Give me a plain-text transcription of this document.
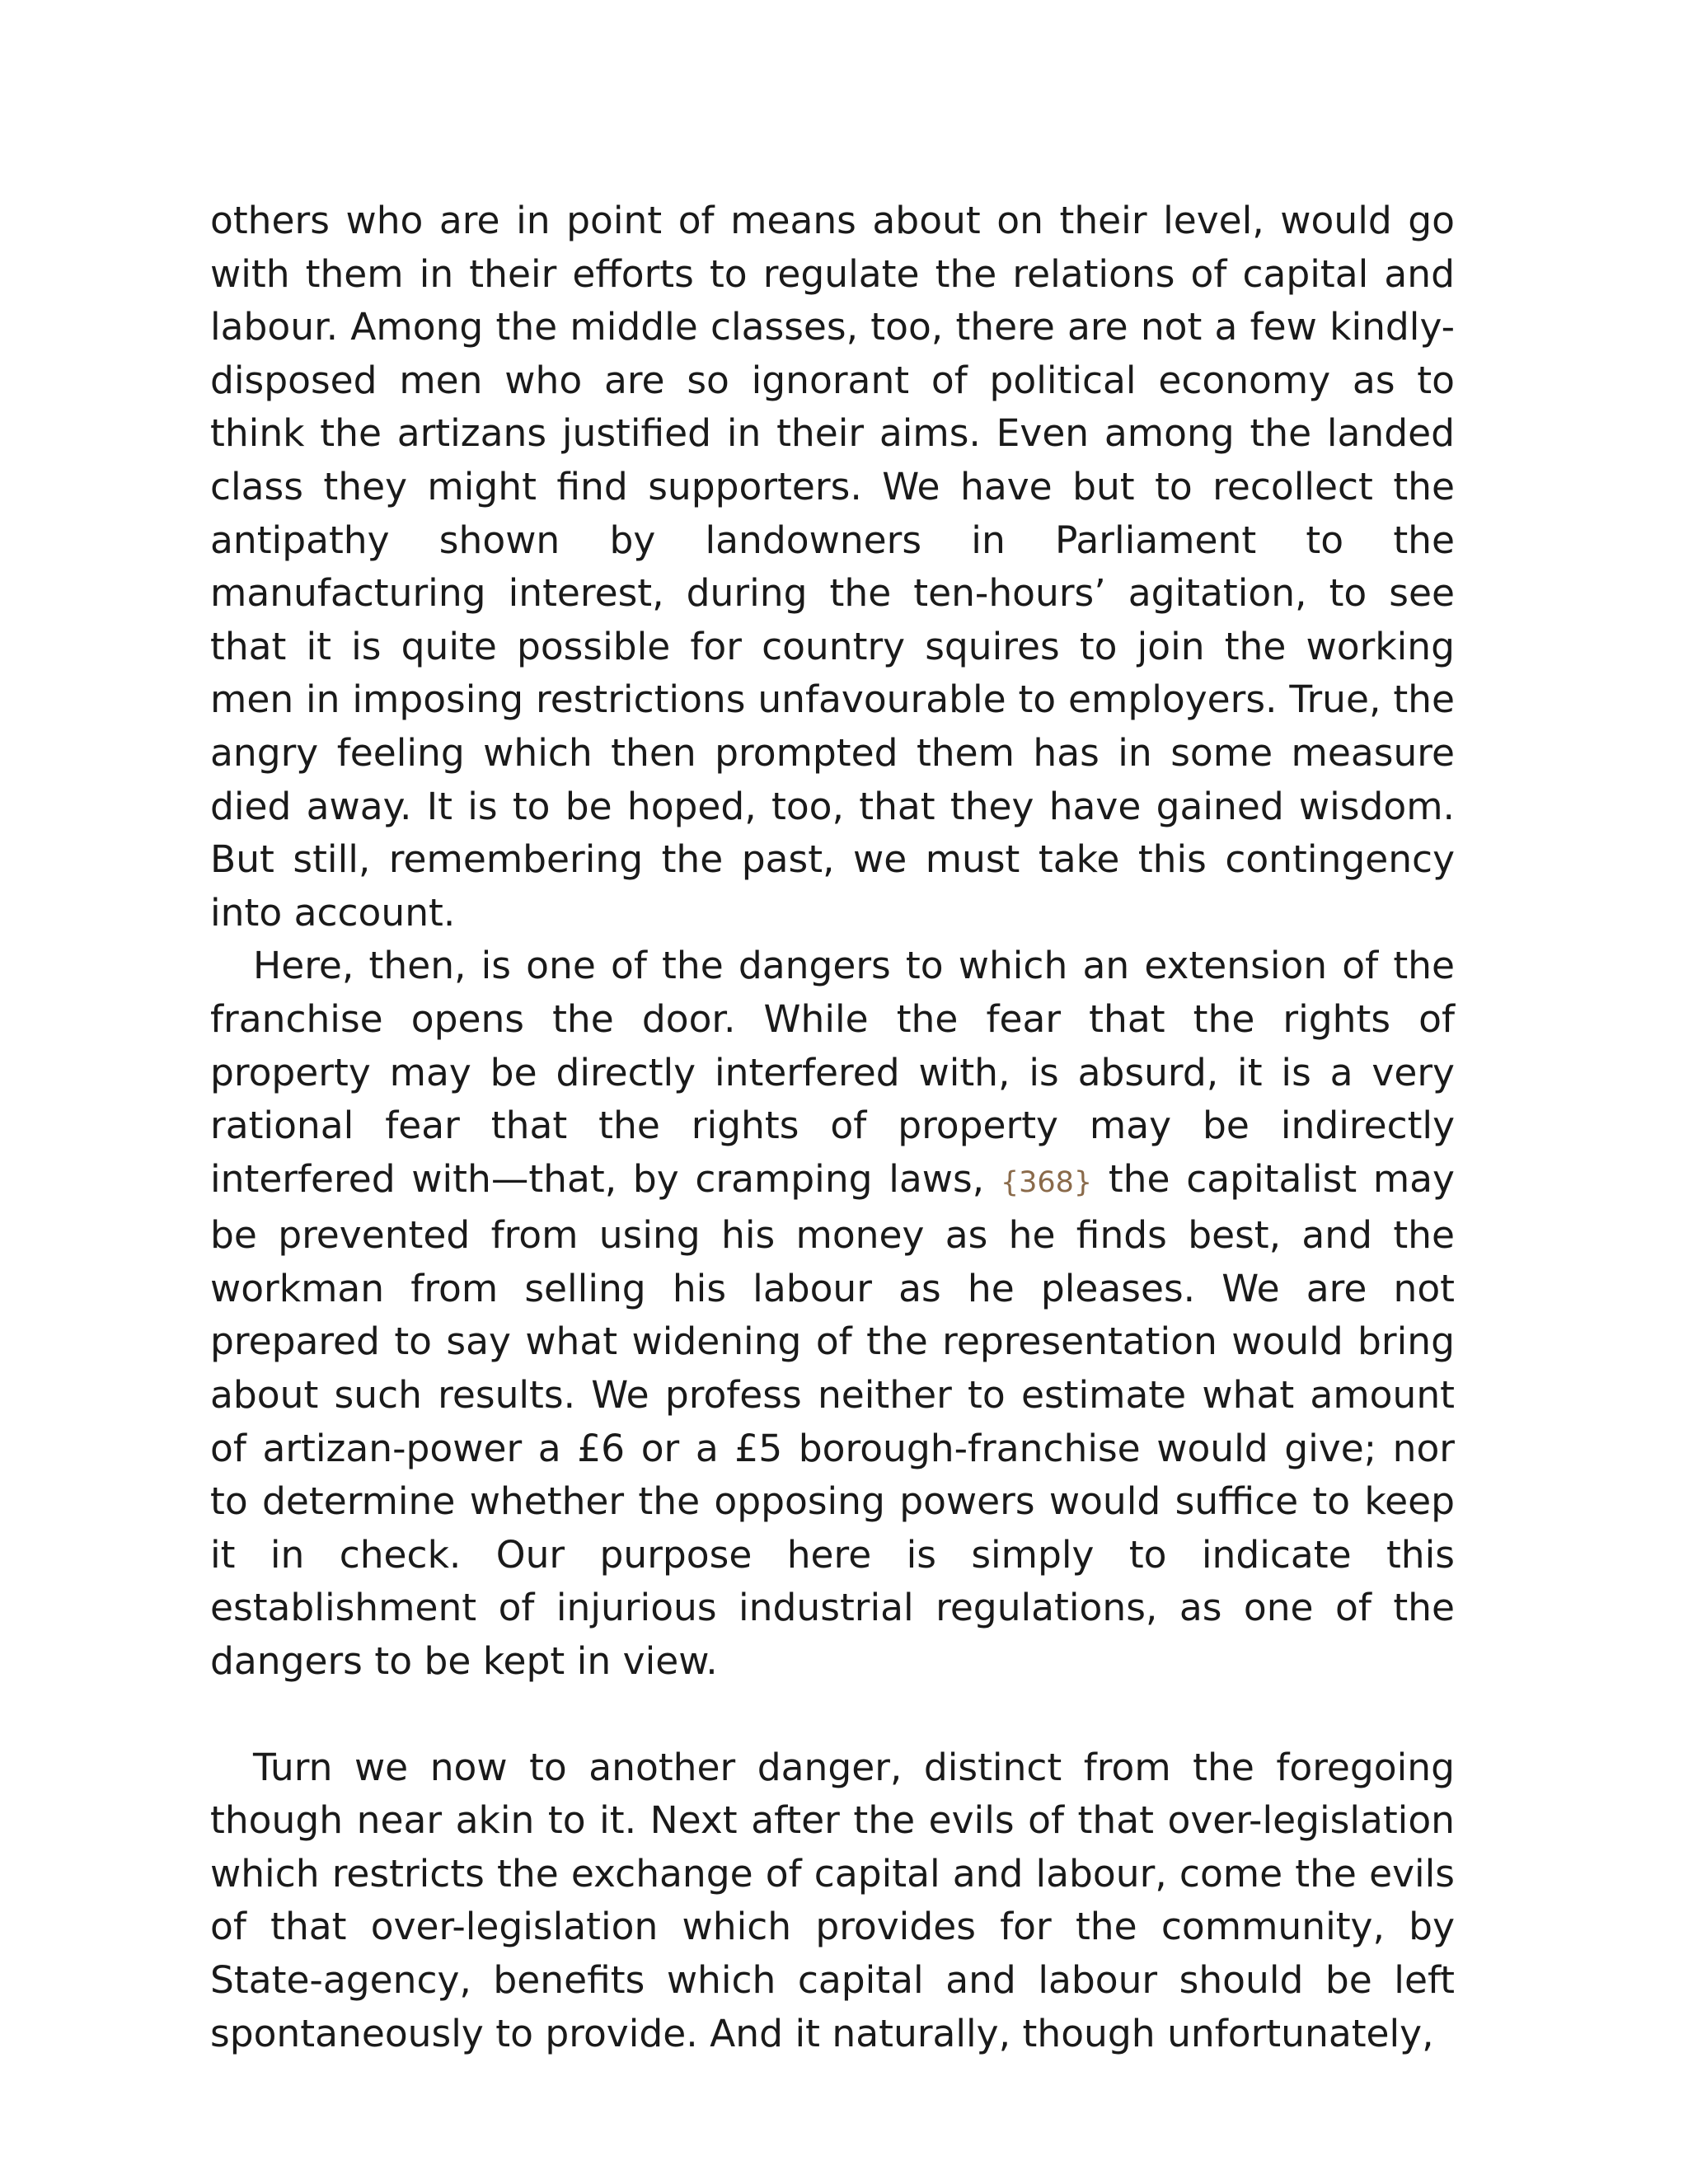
others who are in point of means about on their level, would go with them in their efforts to regulate the relations of capital and labour. Among the middle classes, too, there are not a few kindly-disposed men who are so ignorant of political economy as to think the artizans justified in their aims. Even among the landed class they might find supporters. We have but to recollect the antipathy shown by landowners in Parliament to the manufacturing interest, during the ten-hours’ agitation, to see that it is quite possible for country squires to join the working men in imposing restrictions unfavourable to employers. True, the angry feeling which then prompted them has in some measure died away. It is to be hoped, too, that they have gained wisdom. But still, remembering the past, we must take this contingency into account.

Here, then, is one of the dangers to which an extension of the franchise opens the door. While the fear that the rights of property may be directly interfered with, is absurd, it is a very rational fear that the rights of property may be indirectly interfered with—that, by cramping laws, {368} the capitalist may be prevented from using his money as he finds best, and the workman from selling his labour as he pleases. We are not prepared to say what widening of the representation would bring about such results. We profess neither to estimate what amount of artizan-power a £6 or a £5 borough-franchise would give; nor to determine whether the opposing powers would suffice to keep it in check. Our purpose here is simply to indicate this establishment of injurious industrial regulations, as one of the dangers to be kept in view.

Turn we now to another danger, distinct from the foregoing though near akin to it. Next after the evils of that over-legislation which restricts the exchange of capital and labour, come the evils of that over-legislation which provides for the community, by State-agency, benefits which capital and labour should be left spontaneously to provide. And it naturally, though unfortunately,
